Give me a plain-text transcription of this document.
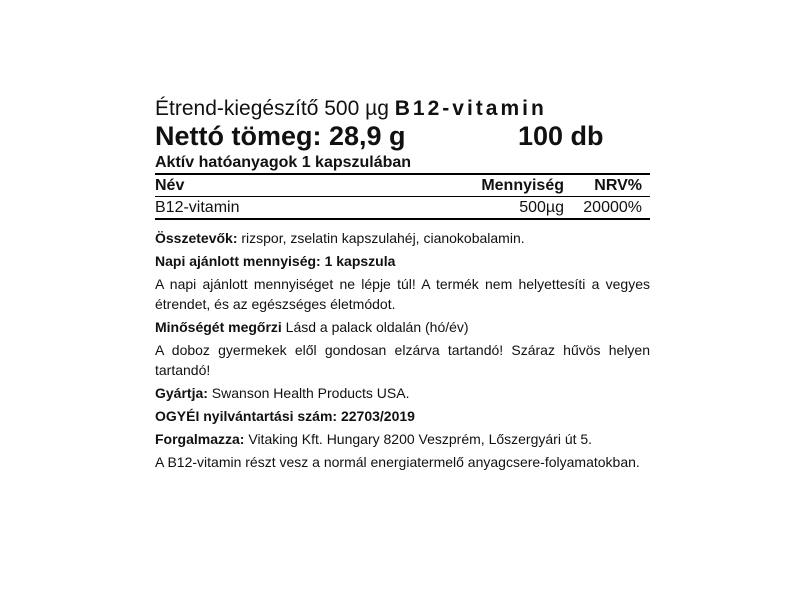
Étrend-kiegészítő 500 µg B12-vitamin
Nettó tömeg: 28,9 g	100 db
Aktív hatóanyagok 1 kapszulában
Név	Mennyiség	NRV%
B12-vitamin	500µg	20000%

Összetevők: rizspor, zselatin kapszulahéj, cianokobalamin.

Napi ajánlott mennyiség: 1 kapszula

A napi ajánlott mennyiséget ne lépje túl! A termék nem helyettesíti a vegyes étrendet, és az egészséges életmódot.

Minőségét megőrzi Lásd a palack oldalán (hó/év)

A doboz gyermekek elől gondosan elzárva tartandó! Száraz hűvös helyen tartandó!

Gyártja: Swanson Health Products USA.

OGYÉI nyilvántartási szám: 22703/2019

Forgalmazza: Vitaking Kft. Hungary 8200 Veszprém, Lőszergyári út 5.

A B12-vitamin részt vesz a normál energiatermelő anyagcsere-folyamatokban.
